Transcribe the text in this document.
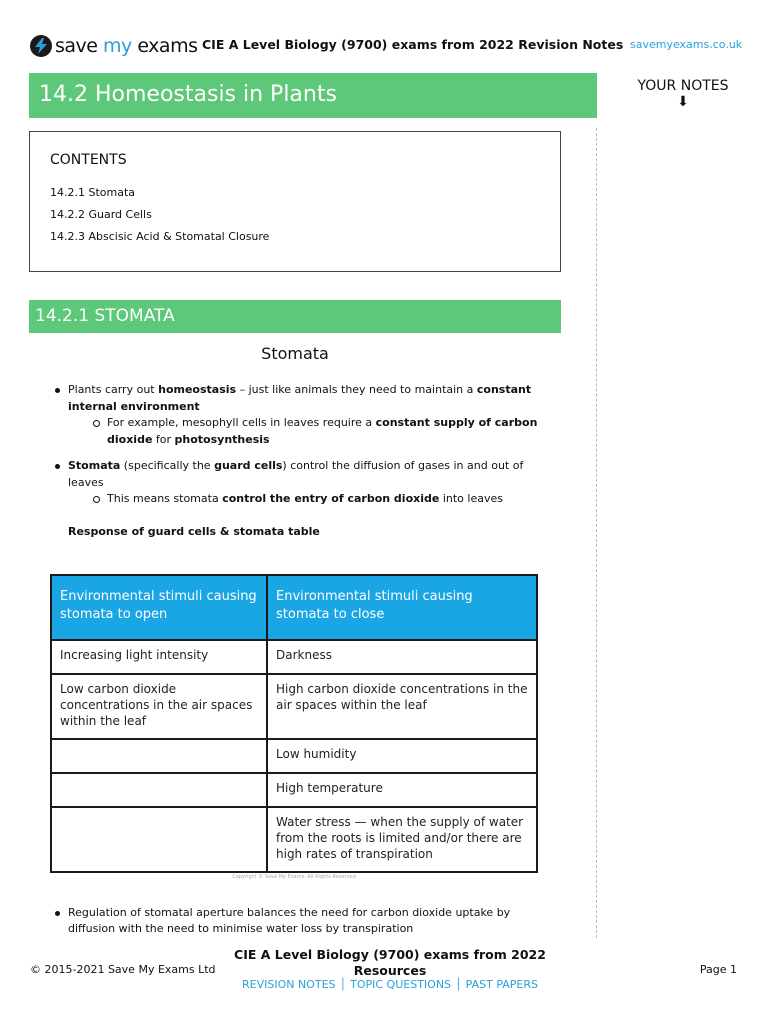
save my exams CIE A Level Biology (9700) exams from 2022 Revision Notes savemyexams.co.uk
YOUR NOTES
⬇
14.2 Homeostasis in Plants
CONTENTS
14.2.1 Stomata
14.2.2 Guard Cells
14.2.3 Abscisic Acid & Stomatal Closure
14.2.1 STOMATA
Stomata
Plants carry out homeostasis – just like animals they need to maintain a constant internal environment
For example, mesophyll cells in leaves require a constant supply of carbon dioxide for photosynthesis
Stomata (specifically the guard cells) control the diffusion of gases in and out of leaves
This means stomata control the entry of carbon dioxide into leaves
Response of guard cells & stomata table
Environmental stimuli causing stomata to open	Environmental stimuli causing stomata to close
Increasing light intensity	Darkness
Low carbon dioxide concentrations in the air spaces within the leaf	High carbon dioxide concentrations in the air spaces within the leaf
	Low humidity
	High temperature
	Water stress — when the supply of water from the roots is limited and/or there are high rates of transpiration
Copyright © Save My Exams. All Rights Reserved
Regulation of stomatal aperture balances the need for carbon dioxide uptake by diffusion with the need to minimise water loss by transpiration
© 2015-2021 Save My Exams Ltd
CIE A Level Biology (9700) exams from 2022
Resources
REVISION NOTES │ TOPIC QUESTIONS │ PAST PAPERS
Page 1
